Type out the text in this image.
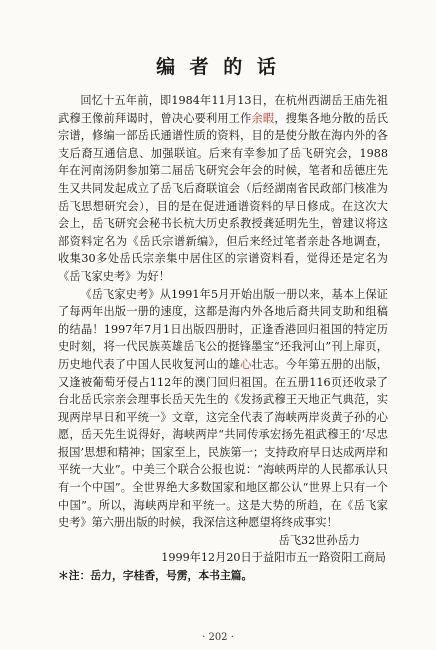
编 者 的 话

回忆十五年前，即1984年11月13日，在杭州西湖岳王庙先祖武穆王像前拜谒时，曾决心要利用工作余暇，搜集各地分散的岳氏宗谱，修编一部岳氏通谱性质的资料，目的是使分散在海内外的各支后裔互通信息、加强联谊。后来有幸参加了岳飞研究会，1988年在河南汤阴参加第二届岳飞研究会年会的时候，笔者和岳德庄先生又共同发起成立了岳飞后裔联谊会（后经湖南省民政部门核准为岳飞思想研究会），目的是在促进通谱资料的早日修成。在这次大会上，岳飞研究会秘书长杭大历史系教授龚延明先生，曾建议将这部资料定名为《岳氏宗谱新编》，但后来经过笔者亲赴各地调查，收集30多处岳氏宗亲集中居住区的宗谱资料看，觉得还是定名为《岳飞家史考》为好！

《岳飞家史考》从1991年5月开始出版一册以来，基本上保证了每两年出版一册的速度，这都是海内外各地后裔共同支助和组稿的结晶！1997年7月1日出版四册时，正逢香港回归祖国的特定历史时刻，将一代民族英雄岳飞公的挺锋墨宝“还我河山”刊上扉页，历史地代表了中国人民收复河山的雄心壮志。今年第五册的出版，又逢被葡萄牙侵占112年的澳门回归祖国。在五册116页还收录了台北岳氏宗亲会理事长岳天先生的《发扬武穆王天地正气典范，实现两岸早日和平统一》文章，这完全代表了海峡两岸炎黄子孙的心愿，岳天先生说得好，海峡两岸“共同传承宏扬先祖武穆王的‘尽忠报国’思想和精神；国家至上，民族第一；支持政府早日达成两岸和平统一大业”。中美三个联合公报也说：“海峡两岸的人民都承认只有一个中国”。全世界绝大多数国家和地区都公认“世界上只有一个中国”。所以，海峡两岸和平统一。这是大势的所趋，在《岳飞家史考》第六册出版的时候，我深信这种愿望将终成事实！

岳飞32世孙岳力

1999年12月20日于益阳市五一路资阳工商局

＊注：岳力，字桂香，号雳，本书主篇。

· 202 ·
